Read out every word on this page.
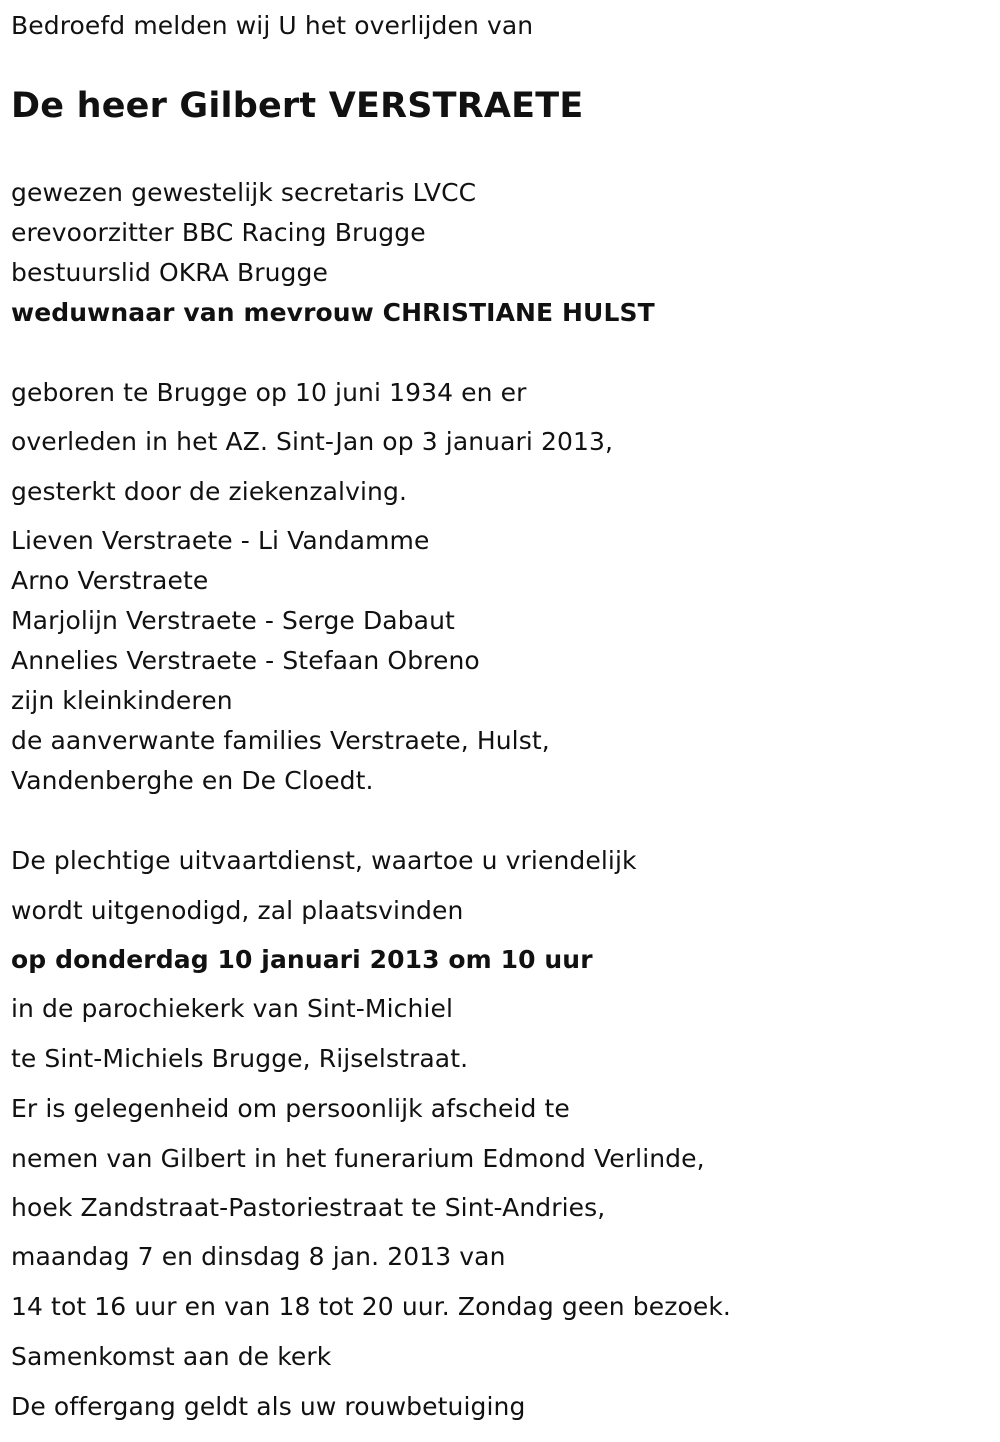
Bedroefd melden wij U het overlijden van
De heer Gilbert VERSTRAETE
gewezen gewestelijk secretaris LVCC
erevoorzitter BBC Racing Brugge
bestuurslid OKRA Brugge
weduwnaar van mevrouw CHRISTIANE HULST
geboren te Brugge op 10 juni 1934 en er
overleden in het AZ. Sint-Jan op 3 januari 2013,
gesterkt door de ziekenzalving.
Lieven Verstraete - Li Vandamme
Arno Verstraete
Marjolijn Verstraete - Serge Dabaut
Annelies Verstraete - Stefaan Obreno
zijn kleinkinderen
de aanverwante families Verstraete, Hulst,
Vandenberghe en De Cloedt.
De plechtige uitvaartdienst, waartoe u vriendelijk
wordt uitgenodigd, zal plaatsvinden
op donderdag 10 januari 2013 om 10 uur
in de parochiekerk van Sint-Michiel
te Sint-Michiels Brugge, Rijselstraat.
Er is gelegenheid om persoonlijk afscheid te
nemen van Gilbert in het funerarium Edmond Verlinde,
hoek Zandstraat-Pastoriestraat te Sint-Andries,
maandag 7 en dinsdag 8 jan. 2013 van
14 tot 16 uur en van 18 tot 20 uur. Zondag geen bezoek.
Samenkomst aan de kerk
De offergang geldt als uw rouwbetuiging
